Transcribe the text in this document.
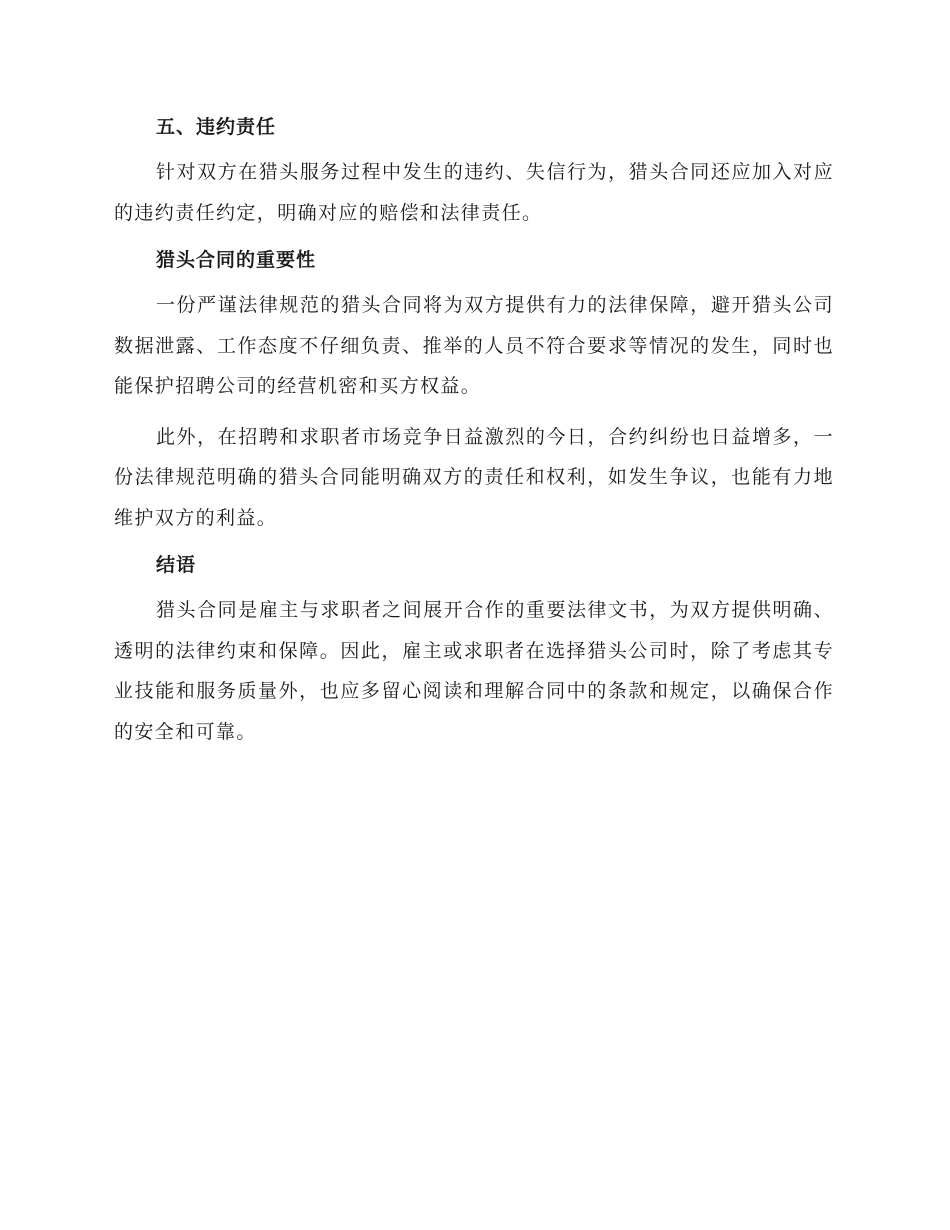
五、违约责任

针对双方在猎头服务过程中发生的违约、失信行为，猎头合同还应加入对应的违约责任约定，明确对应的赔偿和法律责任。

猎头合同的重要性

一份严谨法律规范的猎头合同将为双方提供有力的法律保障，避开猎头公司数据泄露、工作态度不仔细负责、推举的人员不符合要求等情况的发生，同时也能保护招聘公司的经营机密和买方权益。

此外，在招聘和求职者市场竞争日益激烈的今日，合约纠纷也日益增多，一份法律规范明确的猎头合同能明确双方的责任和权利，如发生争议，也能有力地维护双方的利益。

结语

猎头合同是雇主与求职者之间展开合作的重要法律文书，为双方提供明确、透明的法律约束和保障。因此，雇主或求职者在选择猎头公司时，除了考虑其专业技能和服务质量外，也应多留心阅读和理解合同中的条款和规定，以确保合作的安全和可靠。
